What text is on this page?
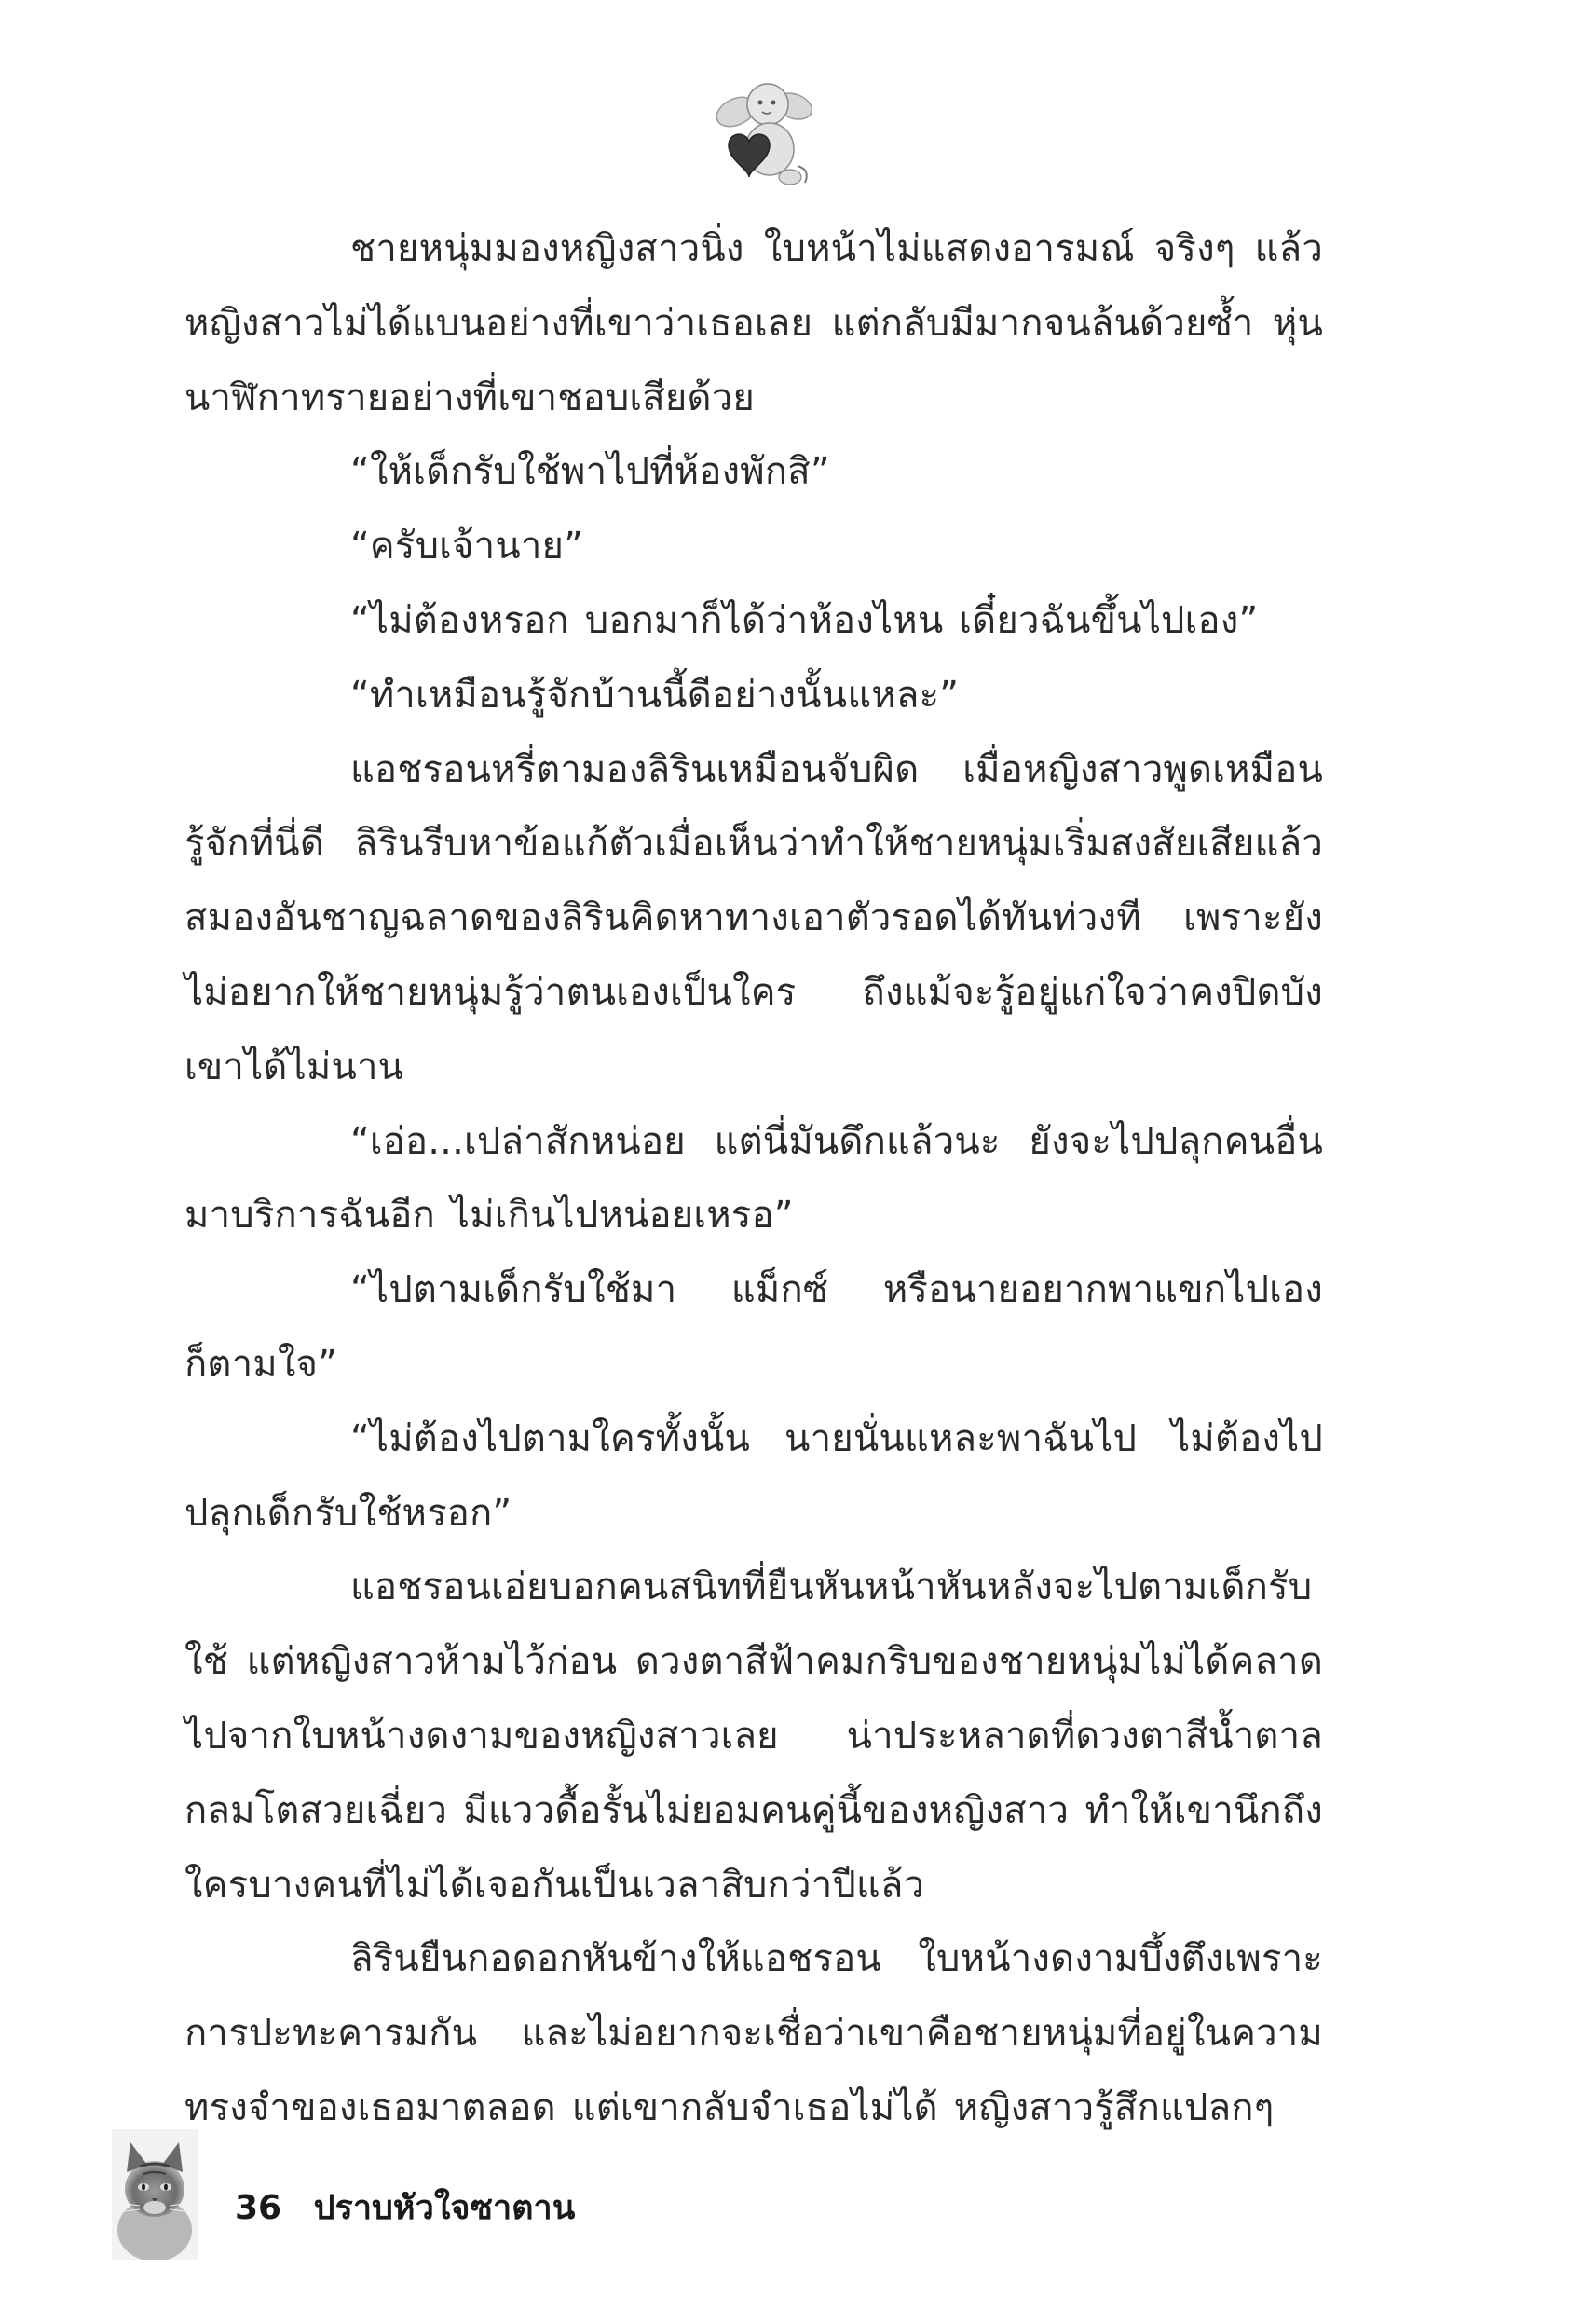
ชายหนุ่มมองหญิงสาวนิ่ง ใบหน้าไม่แสดงอารมณ์ จริงๆ แล้วหญิงสาวไม่ได้แบนอย่างที่เขาว่าเธอเลย แต่กลับมีมากจนล้นด้วยซ้ำ หุ่นนาฬิกาทรายอย่างที่เขาชอบเสียด้วย

“ให้เด็กรับใช้พาไปที่ห้องพักสิ”

“ครับเจ้านาย”

“ไม่ต้องหรอก บอกมาก็ได้ว่าห้องไหน เดี๋ยวฉันขึ้นไปเอง”

“ทำเหมือนรู้จักบ้านนี้ดีอย่างนั้นแหละ”

แอชรอนหรี่ตามองลิรินเหมือนจับผิด เมื่อหญิงสาวพูดเหมือนรู้จักที่นี่ดี ลิรินรีบหาข้อแก้ตัวเมื่อเห็นว่าทำให้ชายหนุ่มเริ่มสงสัยเสียแล้ว สมองอันชาญฉลาดของลิรินคิดหาทางเอาตัวรอดได้ทันท่วงที เพราะยังไม่อยากให้ชายหนุ่มรู้ว่าตนเองเป็นใคร ถึงแม้จะรู้อยู่แก่ใจว่าคงปิดบังเขาได้ไม่นาน

“เอ่อ...เปล่าสักหน่อย แต่นี่มันดึกแล้วนะ ยังจะไปปลุกคนอื่นมาบริการฉันอีก ไม่เกินไปหน่อยเหรอ”

“ไปตามเด็กรับใช้มา แม็กซ์ หรือนายอยากพาแขกไปเองก็ตามใจ”

“ไม่ต้องไปตามใครทั้งนั้น นายนั่นแหละพาฉันไป ไม่ต้องไปปลุกเด็กรับใช้หรอก”

แอชรอนเอ่ยบอกคนสนิทที่ยืนหันหน้าหันหลังจะไปตามเด็กรับใช้ แต่หญิงสาวห้ามไว้ก่อน ดวงตาสีฟ้าคมกริบของชายหนุ่มไม่ได้คลาดไปจากใบหน้างดงามของหญิงสาวเลย น่าประหลาดที่ดวงตาสีน้ำตาลกลมโตสวยเฉี่ยว มีแววดื้อรั้นไม่ยอมคนคู่นี้ของหญิงสาว ทำให้เขานึกถึงใครบางคนที่ไม่ได้เจอกันเป็นเวลาสิบกว่าปีแล้ว

ลิรินยืนกอดอกหันข้างให้แอชรอน ใบหน้างดงามบึ้งตึงเพราะการปะทะคารมกัน และไม่อยากจะเชื่อว่าเขาคือชายหนุ่มที่อยู่ในความทรงจำของเธอมาตลอด แต่เขากลับจำเธอไม่ได้ หญิงสาวรู้สึกแปลกๆ

36 ปราบหัวใจซาตาน
